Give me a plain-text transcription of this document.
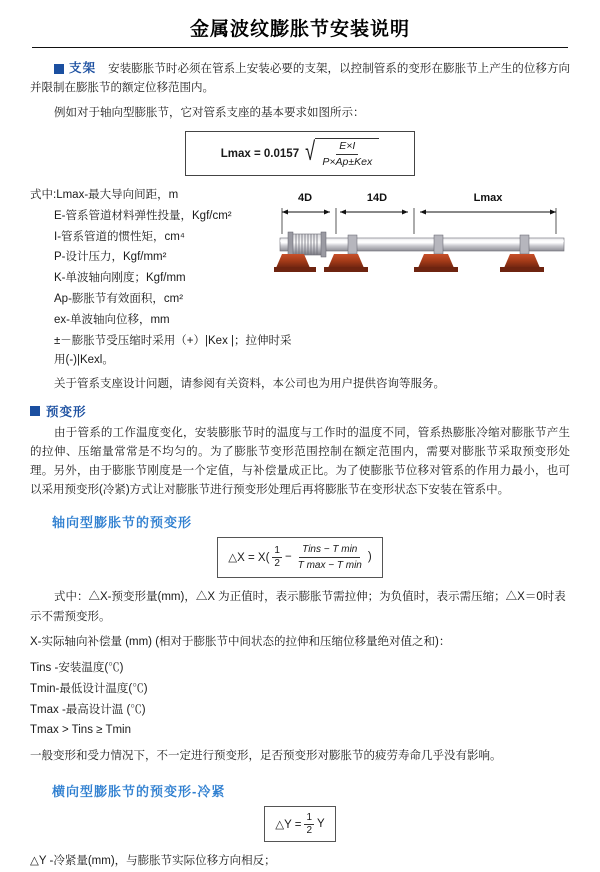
金属波纹膨胀节安装说明

支架 安装膨胀节时必须在管系上安装必要的支架，以控制管系的变形在膨胀节上产生的位移方向并限制在膨胀节的额定位移范围内。

例如对于轴向型膨胀节，它对管系支座的基本要求如图所示：

Lmax = 0.0157 √ $\frac{E\times I}{\text{P×Ap±Kex}}$
式中:Lmax-最大导向间距，m
E-管系管道材料弹性投量，Kgf/cm²
I-管系管道的惯性矩，cm⁴
P-设计压力，Kgf/mm²
K-单波轴向刚度；Kgf/mm
Ap-膨胀节有效面积，cm²
ex-单波轴向位移，mm
±－膨胀节受压缩时采用（+）|Kex |；拉伸时采用(-)|Kexl。
4D	14D	Lmax

关于管系支座设计问题，请参阅有关资料，本公司也为用户提供咨询等服务。

预变形

由于管系的工作温度变化，安装膨胀节时的温度与工作时的温度不同，管系热膨胀冷缩对膨胀节产生的拉伸、压缩量常常是不均匀的。为了膨胀节变形范围控制在额定范围内，需要对膨胀节采取预变形处理。另外，由于膨胀节刚度是一个定值，与补偿量成正比。为了使膨胀节位移对管系的作用力最小，也可以采用预变形(冷紧)方式让对膨胀节进行预变形处理后再将膨胀节在变形状态下安装在管系中。

轴向型膨胀节的预变形
△X = $X( \frac{1}{2}$ −
Tins − T min
T max − T min
)
式中：△X-预变形量(mm)，△X 为正值时，表示膨胀节需拉伸；为负值时，表示需压缩；△X＝0时表示不需预变形。
X-实际轴向补偿量 (mm) (相对于膨胀节中间状态的拉伸和压缩位移量绝对值之和)：
Tins -安装温度(℃)
Tmin-最低设计温度(℃)
Tmax -最高设计温 (℃)
Tmax > Tins ≥ Tmin
一般变形和受力情况下，不一定进行预变形，足否预变形对膨胀节的疲劳寿命几乎没有影响。
横向型膨胀节的预变形-冷紧
△Y = $\frac{1}{2}$ Y
△Y -冷紧量(mm)，与膨胀节实际位移方向相反；
